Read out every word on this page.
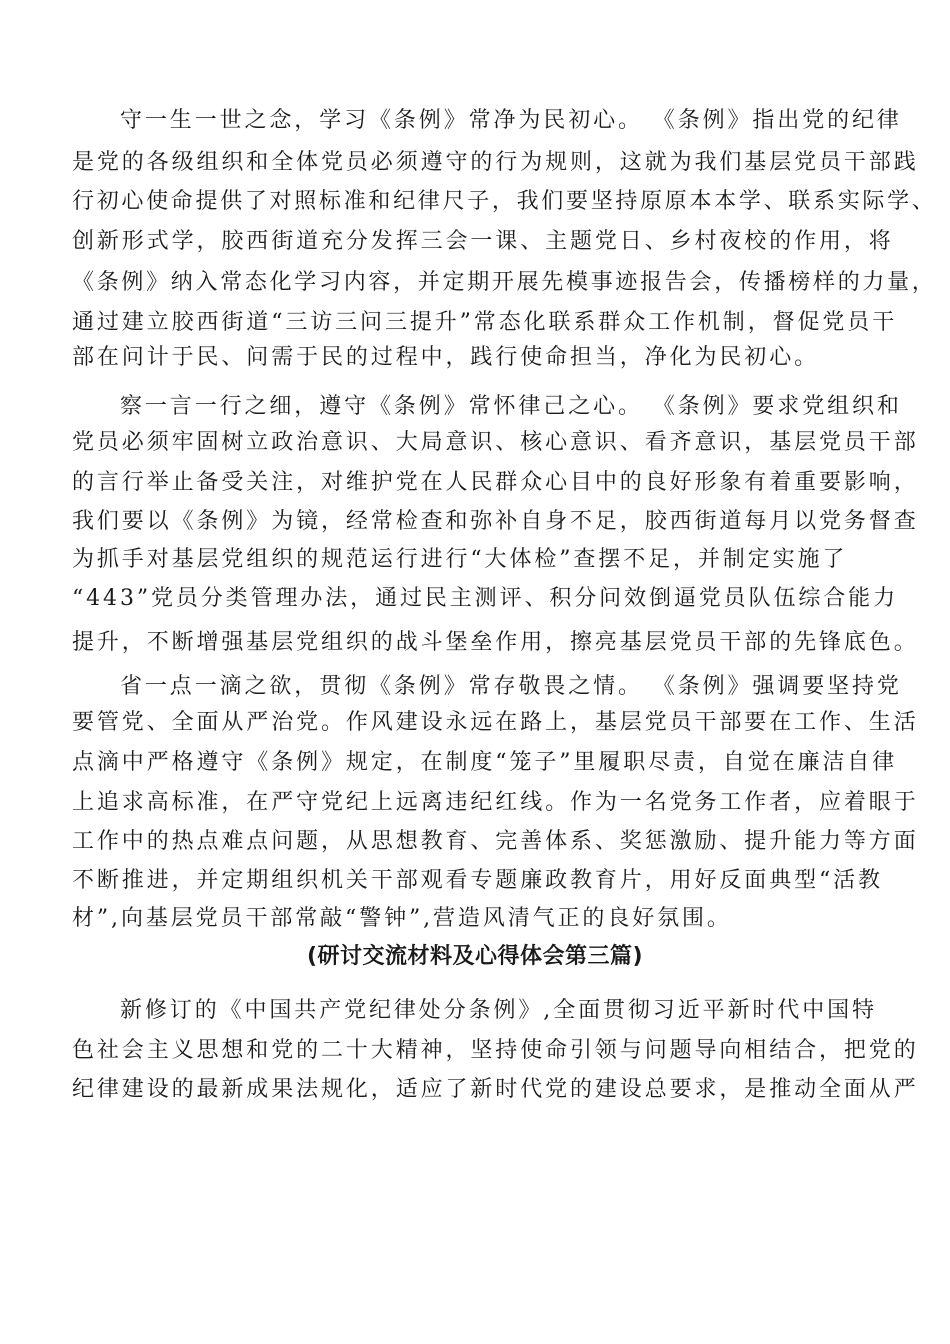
守一生一世之念，学习《条例》常净为民初心。 《条例》指出党的纪律
是党的各级组织和全体党员必须遵守的行为规则，这就为我们基层党员干部践
行初心使命提供了对照标准和纪律尺子，我们要坚持原原本本学、联系实际学、
创新形式学，胶西街道充分发挥三会一课、主题党日、乡村夜校的作用，将
《条例》纳入常态化学习内容，并定期开展先模事迹报告会，传播榜样的力量，
通过建立胶西街道“三访三问三提升”常态化联系群众工作机制，督促党员干
部在问计于民、问需于民的过程中，践行使命担当，净化为民初心。
察一言一行之细，遵守《条例》常怀律己之心。 《条例》要求党组织和
党员必须牢固树立政治意识、大局意识、核心意识、看齐意识，基层党员干部
的言行举止备受关注，对维护党在人民群众心目中的良好形象有着重要影响，
我们要以《条例》为镜，经常检查和弥补自身不足，胶西街道每月以党务督查
为抓手对基层党组织的规范运行进行“大体检”查摆不足，并制定实施了
“443”党员分类管理办法，通过民主测评、积分问效倒逼党员队伍综合能力
提升，不断增强基层党组织的战斗堡垒作用，擦亮基层党员干部的先锋底色。
省一点一滴之欲，贯彻《条例》常存敬畏之情。 《条例》强调要坚持党
要管党、全面从严治党。作风建设永远在路上，基层党员干部要在工作、生活
点滴中严格遵守《条例》规定，在制度“笼子”里履职尽责，自觉在廉洁自律
上追求高标准，在严守党纪上远离违纪红线。作为一名党务工作者，应着眼于
工作中的热点难点问题，从思想教育、完善体系、奖惩激励、提升能力等方面
不断推进，并定期组织机关干部观看专题廉政教育片，用好反面典型“活教
材”,向基层党员干部常敲“警钟”,营造风清气正的良好氛围。
(研讨交流材料及心得体会第三篇)
新修订的《中国共产党纪律处分条例》,全面贯彻习近平新时代中国特
色社会主义思想和党的二十大精神，坚持使命引领与问题导向相结合，把党的
纪律建设的最新成果法规化，适应了新时代党的建设总要求，是推动全面从严
